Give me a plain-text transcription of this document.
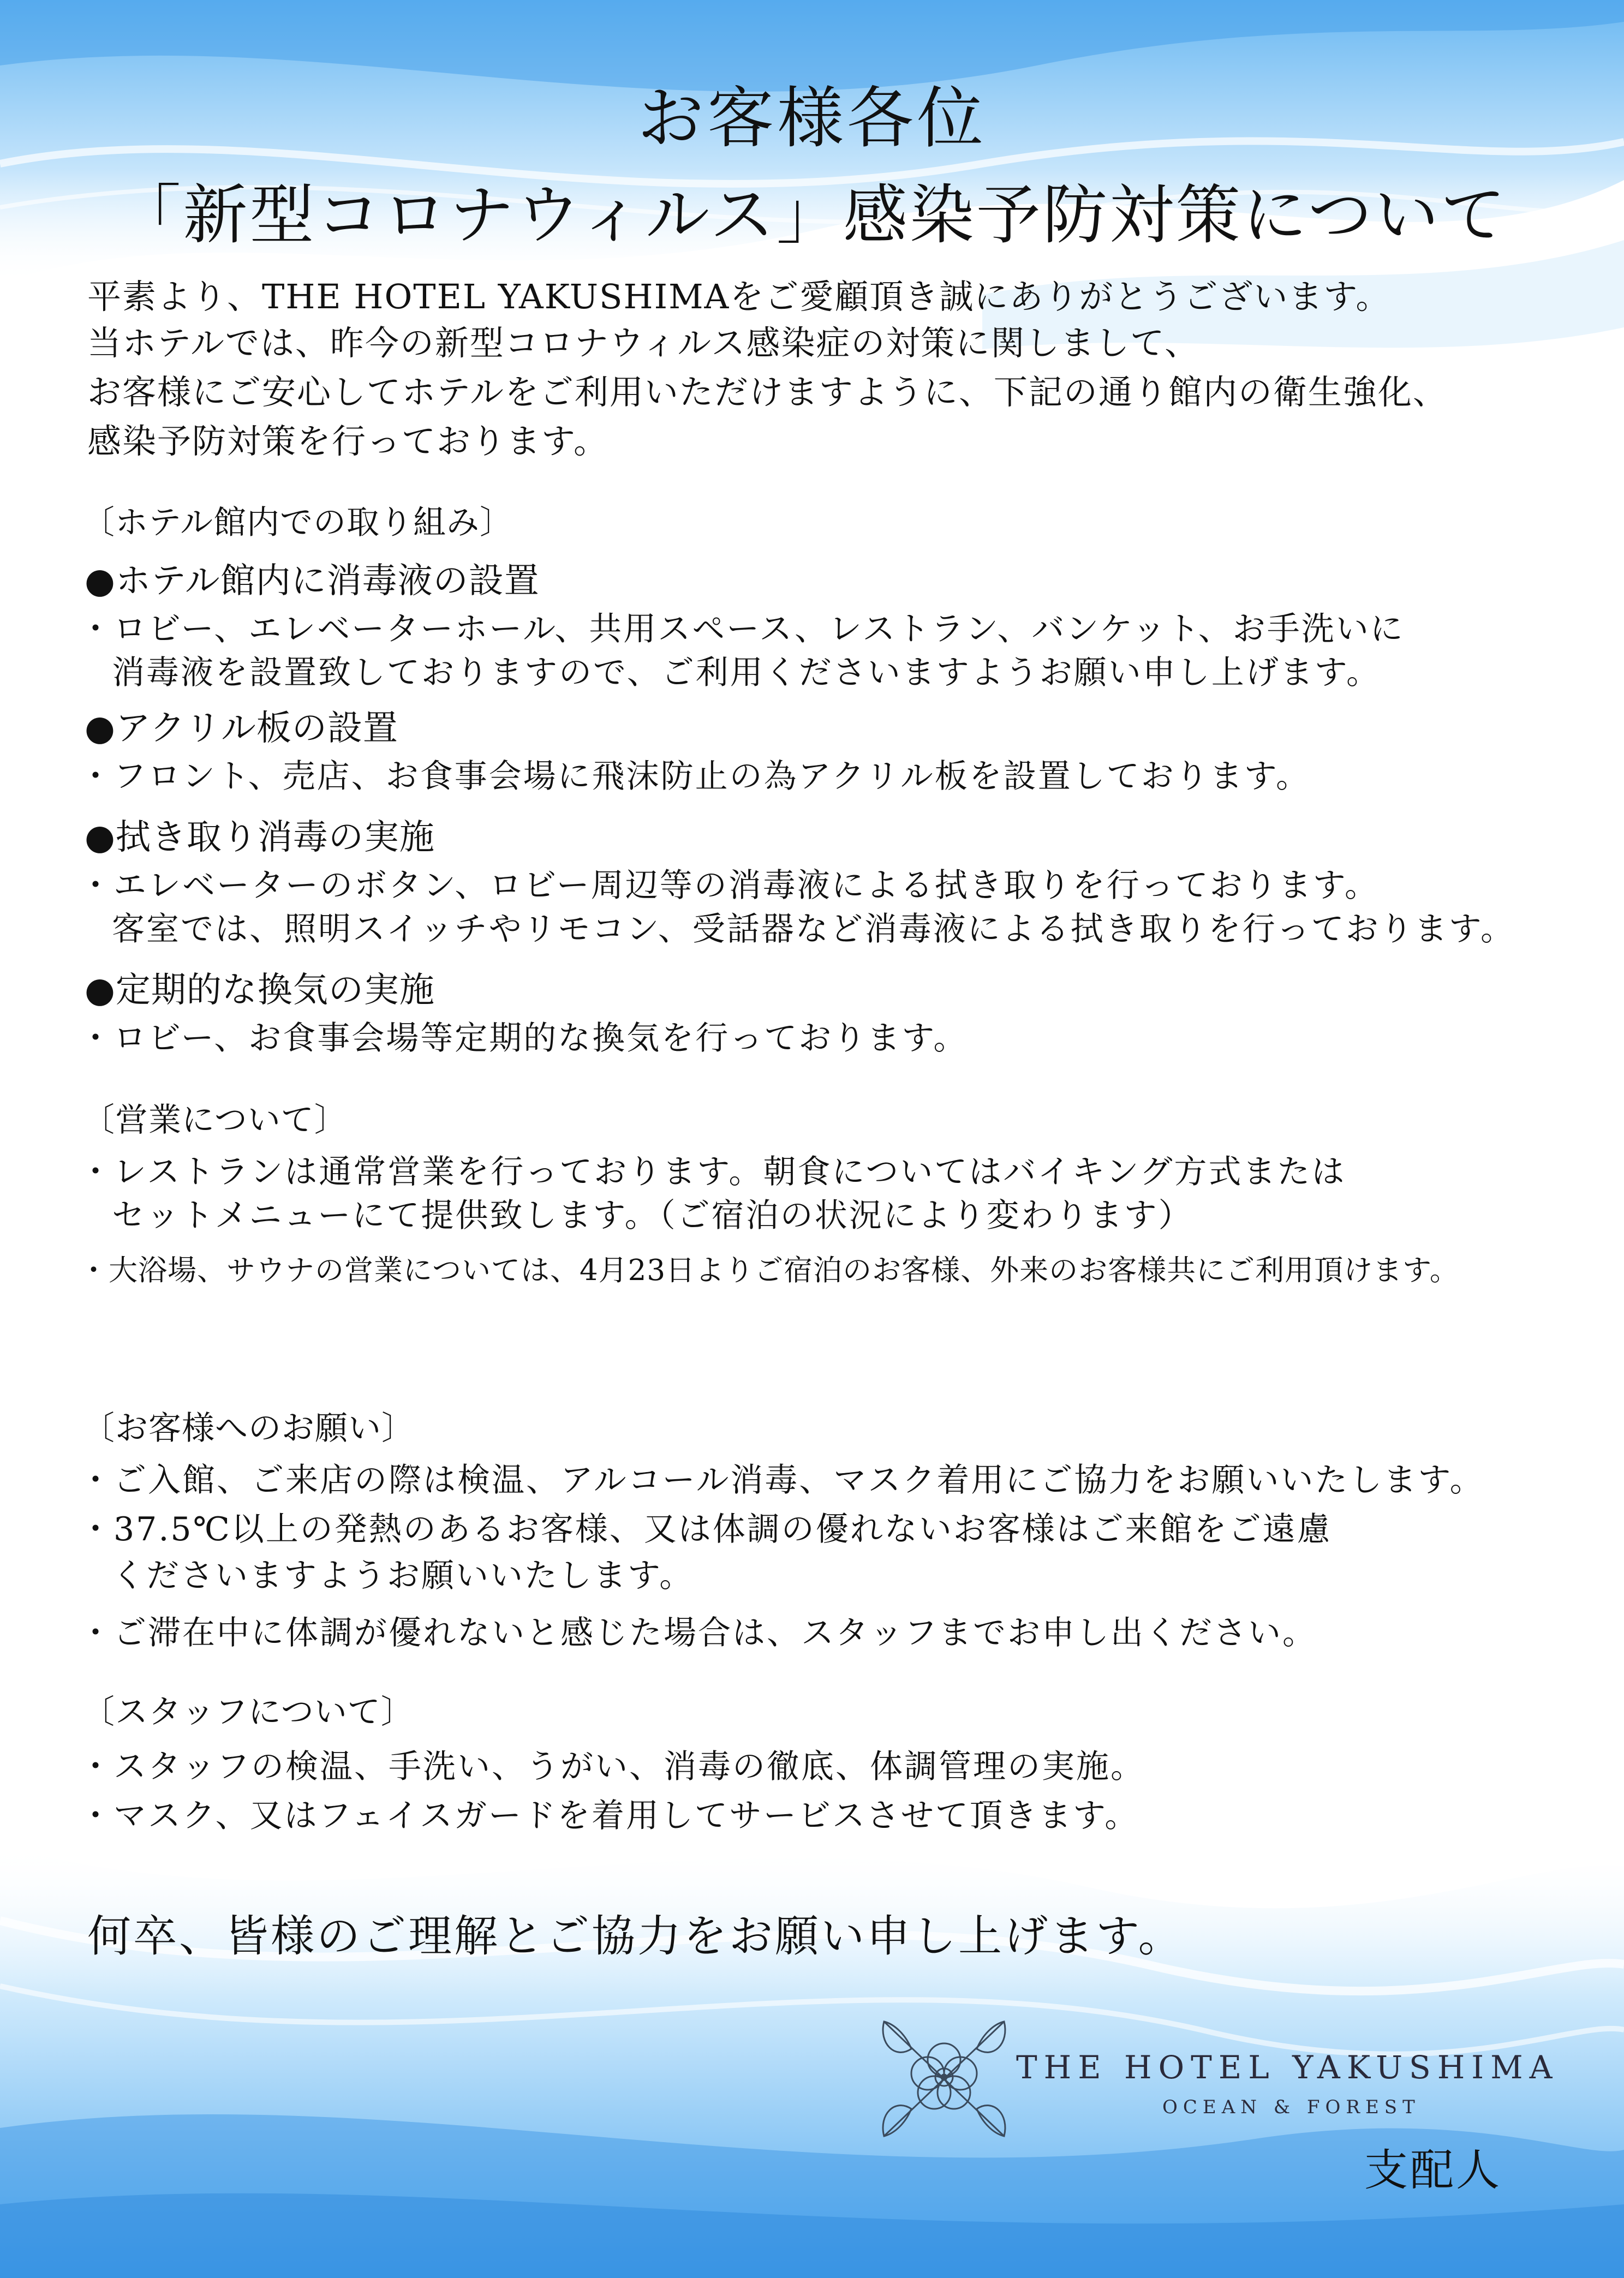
お客様各位
「新型コロナウィルス」感染予防対策について
平素より、THE HOTEL YAKUSHIMAをご愛顧頂き誠にありがとうございます。
当ホテルでは、昨今の新型コロナウィルス感染症の対策に関しまして、
お客様にご安心してホテルをご利用いただけますように、下記の通り館内の衛生強化、
感染予防対策を行っております。
〔ホテル館内での取り組み〕
●ホテル館内に消毒液の設置
・ロビー、エレベーターホール、共用スペース、レストラン、バンケット、お手洗いに
消毒液を設置致しておりますので、ご利用くださいますようお願い申し上げます。
●アクリル板の設置
・フロント、売店、お食事会場に飛沫防止の為アクリル板を設置しております。
●拭き取り消毒の実施
・エレベーターのボタン、ロビー周辺等の消毒液による拭き取りを行っております。
客室では、照明スイッチやリモコン、受話器など消毒液による拭き取りを行っております。
●定期的な換気の実施
・ロビー、お食事会場等定期的な換気を行っております。
〔営業について〕
・レストランは通常営業を行っております。朝食についてはバイキング方式または
セットメニューにて提供致します。（ご宿泊の状況により変わります）
・大浴場、サウナの営業については、4月23日よりご宿泊のお客様、外来のお客様共にご利用頂けます。
〔お客様へのお願い〕
・ご入館、ご来店の際は検温、アルコール消毒、マスク着用にご協力をお願いいたします。
・37.5℃以上の発熱のあるお客様、又は体調の優れないお客様はご来館をご遠慮
くださいますようお願いいたします。
・ご滞在中に体調が優れないと感じた場合は、スタッフまでお申し出ください。
〔スタッフについて〕
・スタッフの検温、手洗い、うがい、消毒の徹底、体調管理の実施。
・マスク、又はフェイスガードを着用してサービスさせて頂きます。
何卒、皆様のご理解とご協力をお願い申し上げます。
THE HOTEL YAKUSHIMA
OCEAN & FOREST
支配人
